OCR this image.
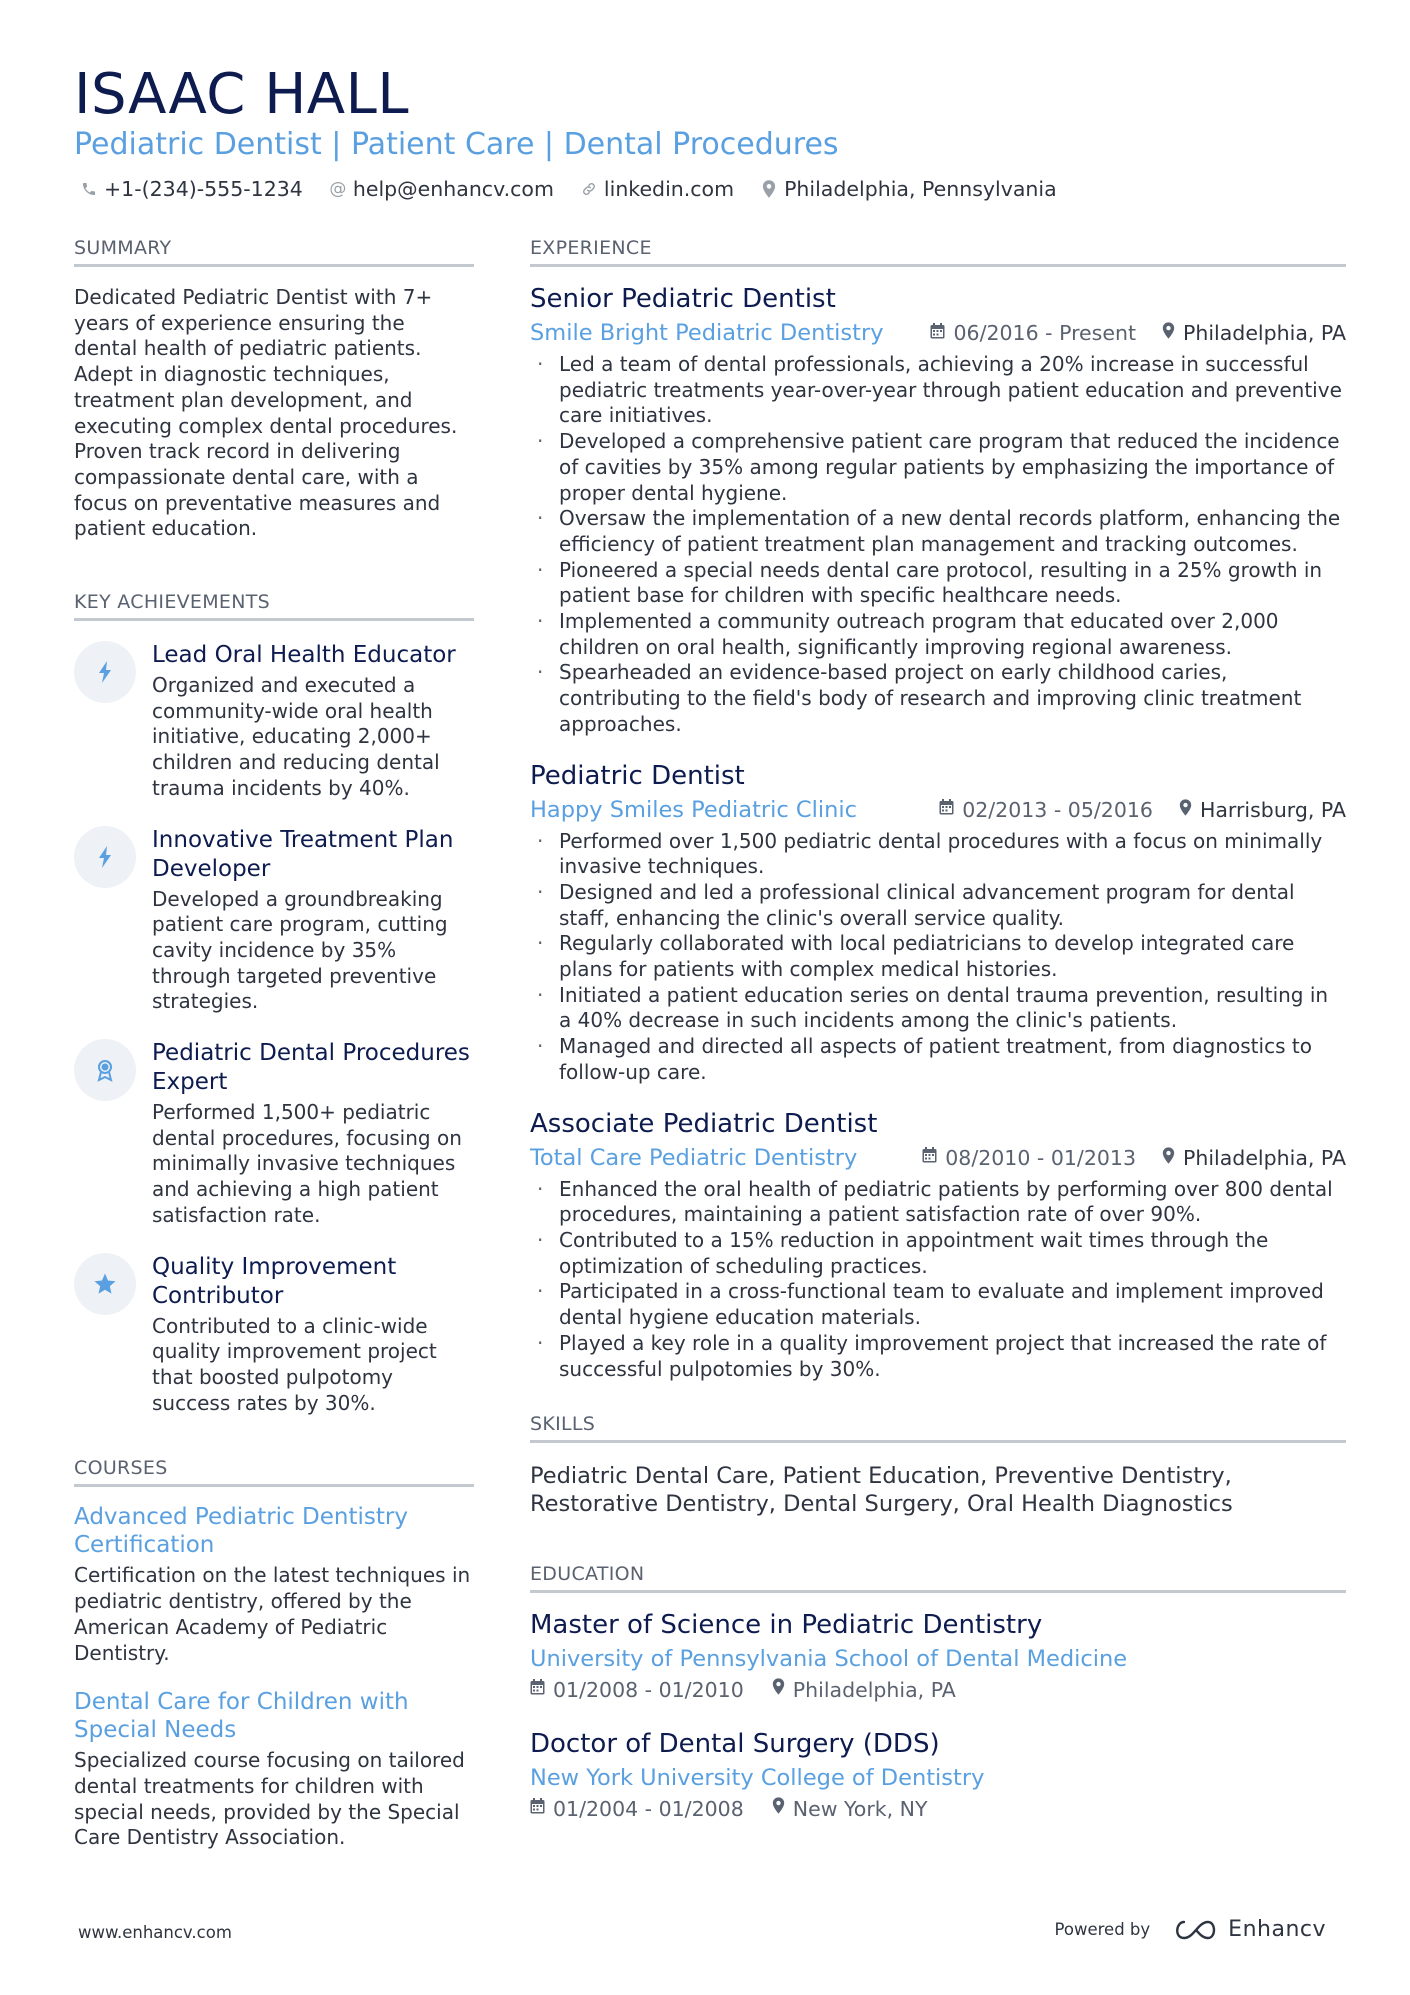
ISAAC HALL
Pediatric Dentist | Patient Care | Dental Procedures
+1-(234)-555-1234 @ help@enhancv.com linkedin.com Philadelphia, Pennsylvania
SUMMARY
Dedicated Pediatric Dentist with 7+ years of experience ensuring the dental health of pediatric patients. Adept in diagnostic techniques, treatment plan development, and executing complex dental procedures. Proven track record in delivering compassionate dental care, with a focus on preventative measures and patient education.
KEY ACHIEVEMENTS
Lead Oral Health Educator
Organized and executed a community-wide oral health initiative, educating 2,000+ children and reducing dental trauma incidents by 40%.
Innovative Treatment Plan Developer
Developed a groundbreaking patient care program, cutting cavity incidence by 35% through targeted preventive strategies.
Pediatric Dental Procedures Expert
Performed 1,500+ pediatric dental procedures, focusing on minimally invasive techniques and achieving a high patient satisfaction rate.
Quality Improvement Contributor
Contributed to a clinic-wide quality improvement project that boosted pulpotomy success rates by 30%.
COURSES
Advanced Pediatric Dentistry Certification
Certification on the latest techniques in pediatric dentistry, offered by the American Academy of Pediatric Dentistry.
Dental Care for Children with Special Needs
Specialized course focusing on tailored dental treatments for children with special needs, provided by the Special Care Dentistry Association.
EXPERIENCE
Senior Pediatric Dentist
Smile Bright Pediatric Dentistry	06/2016 - Present Philadelphia, PA
· Led a team of dental professionals, achieving a 20% increase in successful pediatric treatments year-over-year through patient education and preventive care initiatives.
· Developed a comprehensive patient care program that reduced the incidence of cavities by 35% among regular patients by emphasizing the importance of proper dental hygiene.
· Oversaw the implementation of a new dental records platform, enhancing the efficiency of patient treatment plan management and tracking outcomes.
· Pioneered a special needs dental care protocol, resulting in a 25% growth in patient base for children with specific healthcare needs.
· Implemented a community outreach program that educated over 2,000 children on oral health, significantly improving regional awareness.
· Spearheaded an evidence-based project on early childhood caries, contributing to the field's body of research and improving clinic treatment approaches.
Pediatric Dentist
Happy Smiles Pediatric Clinic	02/2013 - 05/2016 Harrisburg, PA
· Performed over 1,500 pediatric dental procedures with a focus on minimally invasive techniques.
· Designed and led a professional clinical advancement program for dental staff, enhancing the clinic's overall service quality.
· Regularly collaborated with local pediatricians to develop integrated care plans for patients with complex medical histories.
· Initiated a patient education series on dental trauma prevention, resulting in a 40% decrease in such incidents among the clinic's patients.
· Managed and directed all aspects of patient treatment, from diagnostics to follow-up care.
Associate Pediatric Dentist
Total Care Pediatric Dentistry	08/2010 - 01/2013 Philadelphia, PA
· Enhanced the oral health of pediatric patients by performing over 800 dental procedures, maintaining a patient satisfaction rate of over 90%.
· Contributed to a 15% reduction in appointment wait times through the optimization of scheduling practices.
· Participated in a cross-functional team to evaluate and implement improved dental hygiene education materials.
· Played a key role in a quality improvement project that increased the rate of successful pulpotomies by 30%.
SKILLS
Pediatric Dental Care, Patient Education, Preventive Dentistry, Restorative Dentistry, Dental Surgery, Oral Health Diagnostics
EDUCATION
Master of Science in Pediatric Dentistry
University of Pennsylvania School of Dental Medicine
01/2008 - 01/2010 Philadelphia, PA
Doctor of Dental Surgery (DDS)
New York University College of Dentistry
01/2004 - 01/2008 New York, NY
www.enhancv.com	Powered by	Enhancv
